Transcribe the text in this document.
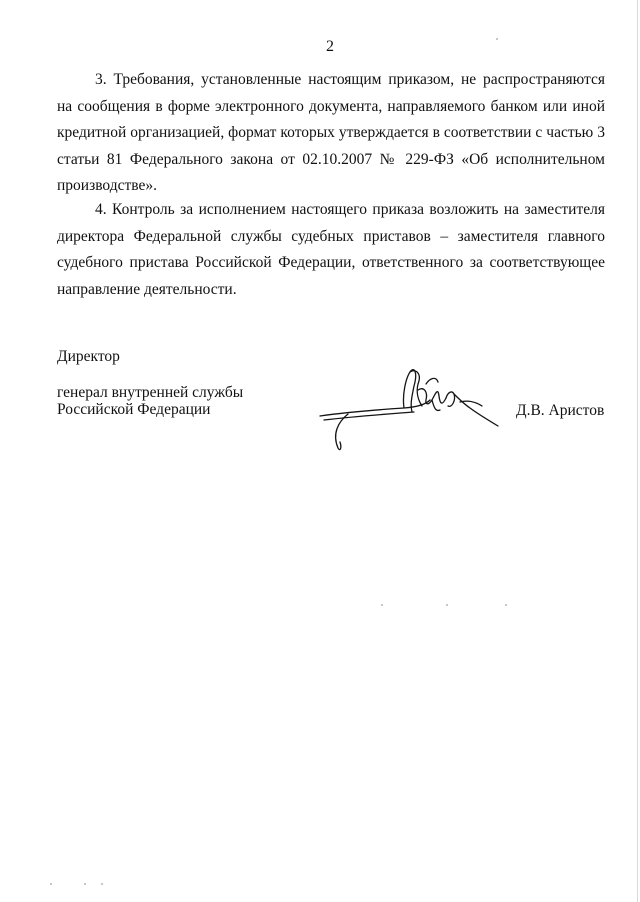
2

3. Требования, установленные настоящим приказом, не распространяются на сообщения в форме электронного документа, направляемого банком или иной кредитной организацией, формат которых утверждается в соответствии с частью 3 статьи 81 Федерального закона от 02.10.2007 № 229-ФЗ «Об исполнительном производстве».

4. Контроль за исполнением настоящего приказа возложить на заместителя директора Федеральной службы судебных приставов – заместителя главного судебного пристава Российской Федерации, ответственного за соответствующее направление деятельности.

Директор

генерал внутренней службы
Российской Федерации	Д.В. Аристов
